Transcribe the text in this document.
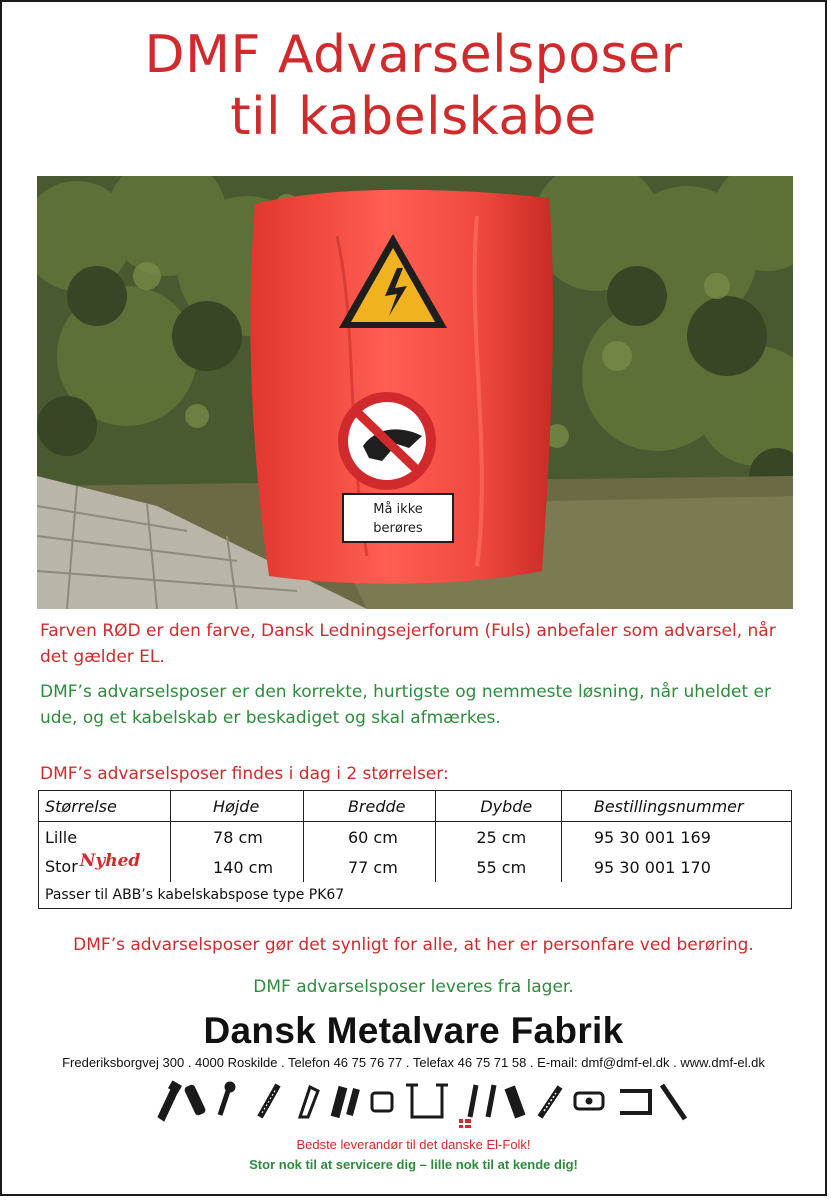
DMF Advarselsposer
til kabelskabe
Må ikke
berøres
Farven RØD er den farve, Dansk Ledningsejerforum (Fuls) anbefaler som advarsel, når det gælder EL.
DMF’s advarselsposer er den korrekte, hurtigste og nemmeste løsning, når uheldet er ude, og et kabelskab er beskadiget og skal afmærkes.
DMF’s advarselsposer findes i dag i 2 størrelser:
Størrelse	Højde	Bredde	Dybde	Bestillingsnummer
Lille	78 cm	60 cm	25 cm	95 30 001 169
Stor Nyhed	140 cm	77 cm	55 cm	95 30 001 170
Passer til ABB’s kabelskabspose type PK67				
DMF’s advarselsposer gør det synligt for alle, at her er personfare ved berøring.
DMF advarselsposer leveres fra lager.
Dansk Metalvare Fabrik
Frederiksborgvej 300 . 4000 Roskilde . Telefon 46 75 76 77 . Telefax 46 75 71 58 . E-mail: dmf@dmf-el.dk . www.dmf-el.dk
Bedste leverandør til det danske El-Folk!
Stor nok til at servicere dig – lille nok til at kende dig!
